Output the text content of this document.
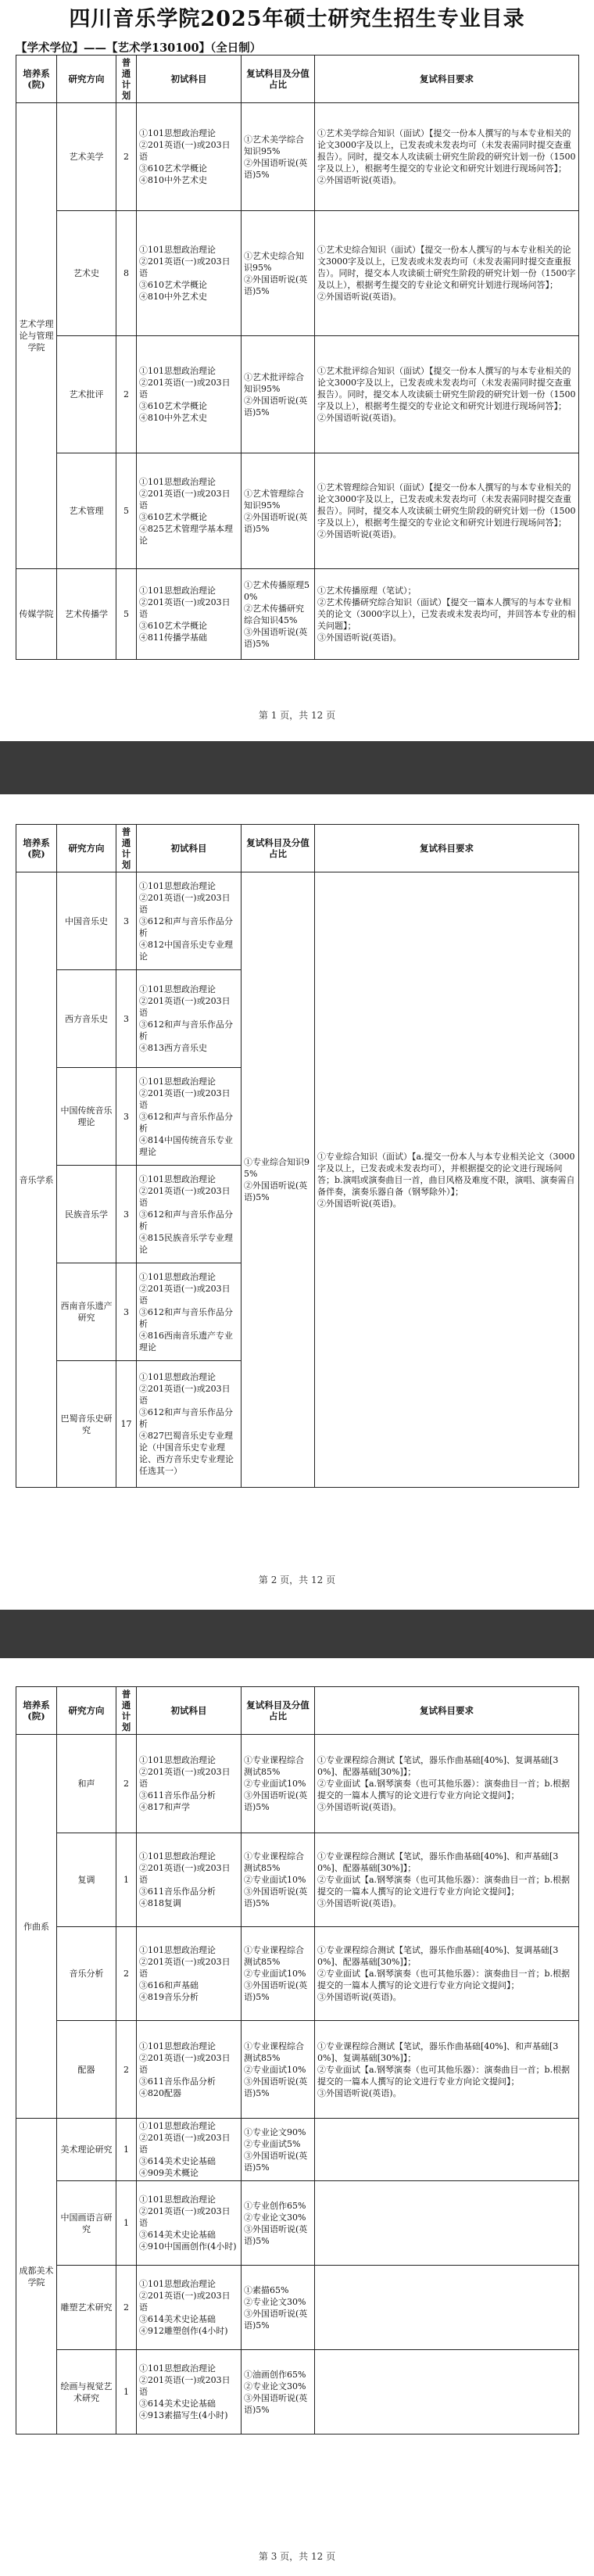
四川音乐学院2025年硕士研究生招生专业目录
【学术学位】——【艺术学130100】（全日制）
培养系(院)	研究方向	普通计划	初试科目	复试科目及分值占比	复试科目要求
艺术学理论与管理学院	艺术美学	2	①101思想政治理论
②201英语(一)或203日语
③610艺术学概论
④810中外艺术史	①艺术美学综合知识95%
②外国语听说(英语)5%	①艺术美学综合知识（面试）【提交一份本人撰写的与本专业相关的论文3000字及以上，已发表或未发表均可（未发表需同时提交查重报告）。同时，提交本人攻读硕士研究生阶段的研究计划一份（1500字及以上），根据考生提交的专业论文和研究计划进行现场问答】；
②外国语听说(英语)。

	艺术史	8	①101思想政治理论
②201英语(一)或203日语
③610艺术学概论
④810中外艺术史	①艺术史综合知识95%
②外国语听说(英语)5%	①艺术史综合知识（面试）【提交一份本人撰写的与本专业相关的论文3000字及以上，已发表或未发表均可（未发表需同时提交查重报告）。同时，提交本人攻读硕士研究生阶段的研究计划一份（1500字及以上），根据考生提交的专业论文和研究计划进行现场问答】；
②外国语听说(英语)。

	艺术批评	2	①101思想政治理论
②201英语(一)或203日语
③610艺术学概论
④810中外艺术史	①艺术批评综合知识95%
②外国语听说(英语)5%	①艺术批评综合知识（面试）【提交一份本人撰写的与本专业相关的论文3000字及以上，已发表或未发表均可（未发表需同时提交查重报告）。同时，提交本人攻读硕士研究生阶段的研究计划一份（1500字及以上），根据考生提交的专业论文和研究计划进行现场问答】；
②外国语听说(英语)。

	艺术管理	5	①101思想政治理论
②201英语(一)或203日语
③610艺术学概论
④825艺术管理学基本理论	①艺术管理综合知识95%
②外国语听说(英语)5%	①艺术管理综合知识（面试）【提交一份本人撰写的与本专业相关的论文3000字及以上，已发表或未发表均可（未发表需同时提交查重报告）。同时，提交本人攻读硕士研究生阶段的研究计划一份（1500字及以上），根据考生提交的专业论文和研究计划进行现场问答】；
②外国语听说(英语)。

传媒学院	艺术传播学	5	①101思想政治理论
②201英语(一)或203日语
③610艺术学概论
④811传播学基础	①艺术传播原理50%
②艺术传播研究综合知识45%
③外国语听说(英语)5%	①艺术传播原理（笔试）；
②艺术传播研究综合知识（面试）【提交一篇本人撰写的与本专业相关的论文（3000字以上），已发表或未发表均可，并回答本专业的相关问题】；
③外国语听说(英语)。
第 1 页，共 12 页
培养系(院)	研究方向	普通计划	初试科目	复试科目及分值占比	复试科目要求
音乐学系	中国音乐史	3	①101思想政治理论
②201英语(一)或203日语
③612和声与音乐作品分析
④812中国音乐史专业理论	①专业综合知识95%
②外国语听说(英语)5%	①专业综合知识（面试）【a.提交一份本人与本专业相关论文（3000字及以上，已发表或未发表均可），并根据提交的论文进行现场问答；b.演唱或演奏曲目一首，曲目风格及难度不限，演唱、演奏需自备伴奏，演奏乐器自备（钢琴除外）】；
②外国语听说(英语)。

	西方音乐史	3	①101思想政治理论
②201英语(一)或203日语
③612和声与音乐作品分析
④813西方音乐史		

	中国传统音乐理论	3	①101思想政治理论
②201英语(一)或203日语
③612和声与音乐作品分析
④814中国传统音乐专业理论		

	民族音乐学	3	①101思想政治理论
②201英语(一)或203日语
③612和声与音乐作品分析
④815民族音乐学专业理论		

	西南音乐遗产研究	3	①101思想政治理论
②201英语(一)或203日语
③612和声与音乐作品分析
④816西南音乐遗产专业理论		

	巴蜀音乐史研究	17	①101思想政治理论
②201英语(一)或203日语
③612和声与音乐作品分析
④827巴蜀音乐史专业理论（中国音乐史专业理论、西方音乐史专业理论任选其一）		
第 2 页，共 12 页
培养系(院)	研究方向	普通计划	初试科目	复试科目及分值占比	复试科目要求
作曲系	和声	2	①101思想政治理论
②201英语(一)或203日语
③611音乐作品分析
④817和声学	①专业课程综合测试85%
②专业面试10%
③外国语听说(英语)5%	①专业课程综合测试【笔试，器乐作曲基础[40%]、复调基础[30%]、配器基础[30%]】；
②专业面试【a.钢琴演奏（也可其他乐器）：演奏曲目一首；b.根据提交的一篇本人撰写的论文进行专业方向论文提问】；
③外国语听说(英语)。

	复调	1	①101思想政治理论
②201英语(一)或203日语
③611音乐作品分析
④818复调	①专业课程综合测试85%
②专业面试10%
③外国语听说(英语)5%	①专业课程综合测试【笔试，器乐作曲基础[40%]、和声基础[30%]、配器基础[30%]】；
②专业面试【a.钢琴演奏（也可其他乐器）：演奏曲目一首；b.根据提交的一篇本人撰写的论文进行专业方向论文提问】；
③外国语听说(英语)。

	音乐分析	2	①101思想政治理论
②201英语(一)或203日语
③616和声基础
④819音乐分析	①专业课程综合测试85%
②专业面试10%
③外国语听说(英语)5%	①专业课程综合测试【笔试，器乐作曲基础[40%]、复调基础[30%]、配器基础[30%]】；
②专业面试【a.钢琴演奏（也可其他乐器）：演奏曲目一首；b.根据提交的一篇本人撰写的论文进行专业方向论文提问】；
③外国语听说(英语)。

	配器	2	①101思想政治理论
②201英语(一)或203日语
③611音乐作品分析
④820配器	①专业课程综合测试85%
②专业面试10%
③外国语听说(英语)5%	①专业课程综合测试【笔试，器乐作曲基础[40%]、和声基础[30%]、复调基础[30%]】；
②专业面试【a.钢琴演奏（也可其他乐器）：演奏曲目一首；b.根据提交的一篇本人撰写的论文进行专业方向论文提问】；
③外国语听说(英语)。

成都美术学院	美术理论研究	1	①101思想政治理论
②201英语(一)或203日语
③614美术史论基础
④909美术概论	①专业论文90%
②专业面试5%
③外国语听说(英语)5%	

	中国画语言研究	1	①101思想政治理论
②201英语(一)或203日语
③614美术史论基础
④910中国画创作(4小时)	①专业创作65%
②专业论文30%
③外国语听说(英语)5%	

	雕塑艺术研究	2	①101思想政治理论
②201英语(一)或203日语
③614美术史论基础
④912雕塑创作(4小时)	①素描65%
②专业论文30%
③外国语听说(英语)5%	

	绘画与视觉艺术研究	1	①101思想政治理论
②201英语(一)或203日语
③614美术史论基础
④913素描写生(4小时)	①油画创作65%
②专业论文30%
③外国语听说(英语)5%	

第 3 页，共 12 页
